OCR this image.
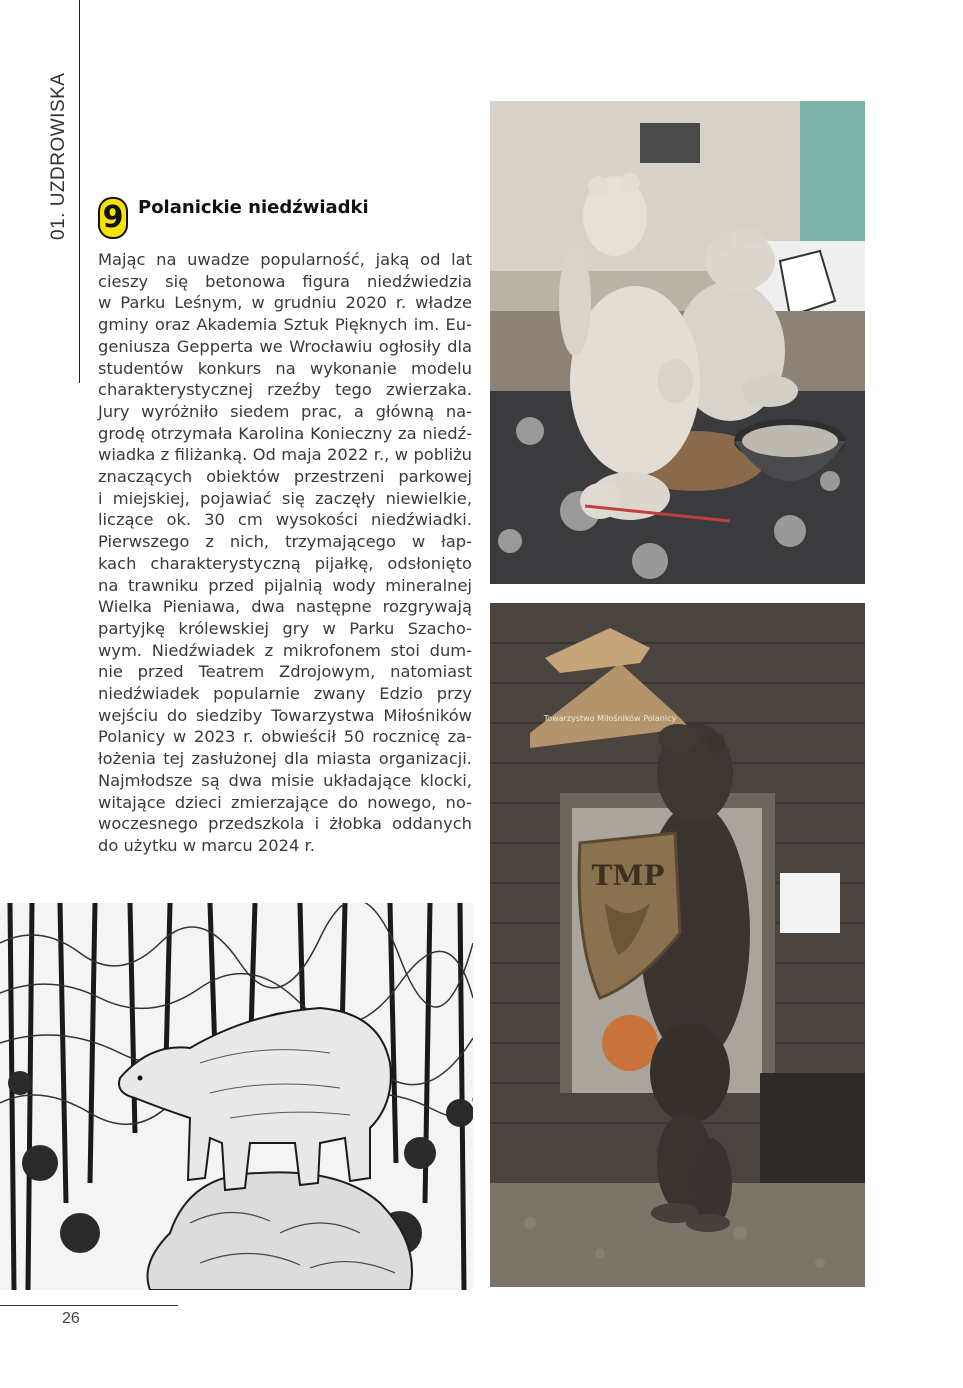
01. UZDROWISKA 9 Polanickie niedźwiadki
Mając na uwadze popularność, jaką od lat
cieszy się betonowa figura niedźwiedzia
w Parku Leśnym, w grudniu 2020 r. władze
gminy oraz Akademia Sztuk Pięknych im. Eu-
geniusza Gepperta we Wrocławiu ogłosiły dla
studentów konkurs na wykonanie modelu
charakterystycznej rzeźby tego zwierzaka.
Jury wyróżniło siedem prac, a główną na-
grodę otrzymała Karolina Konieczny za niedź-
wiadka z filiżanką. Od maja 2022 r., w pobliżu
znaczących obiektów przestrzeni parkowej
i miejskiej, pojawiać się zaczęły niewielkie,
liczące ok. 30 cm wysokości niedźwiadki.
Pierwszego z nich, trzymającego w łap-
kach charakterystyczną pijałkę, odsłonięto
na trawniku przed pijalnią wody mineralnej
Wielka Pieniawa, dwa następne rozgrywają
partyjkę królewskiej gry w Parku Szacho-
wym. Niedźwiadek z mikrofonem stoi dum-
nie przed Teatrem Zdrojowym, natomiast
niedźwiadek popularnie zwany Edzio przy
wejściu do siedziby Towarzystwa Miłośników
Polanicy w 2023 r. obwieścił 50 rocznicę za-
łożenia tej zasłużonej dla miasta organizacji.
Najmłodsze są dwa misie układające klocki,
witające dzieci zmierzające do nowego, no-
woczesnego przedszkola i żłobka oddanych
do użytku w marcu 2024 r.
Towarzystwo Miłośników Polanicy
TMP
26
